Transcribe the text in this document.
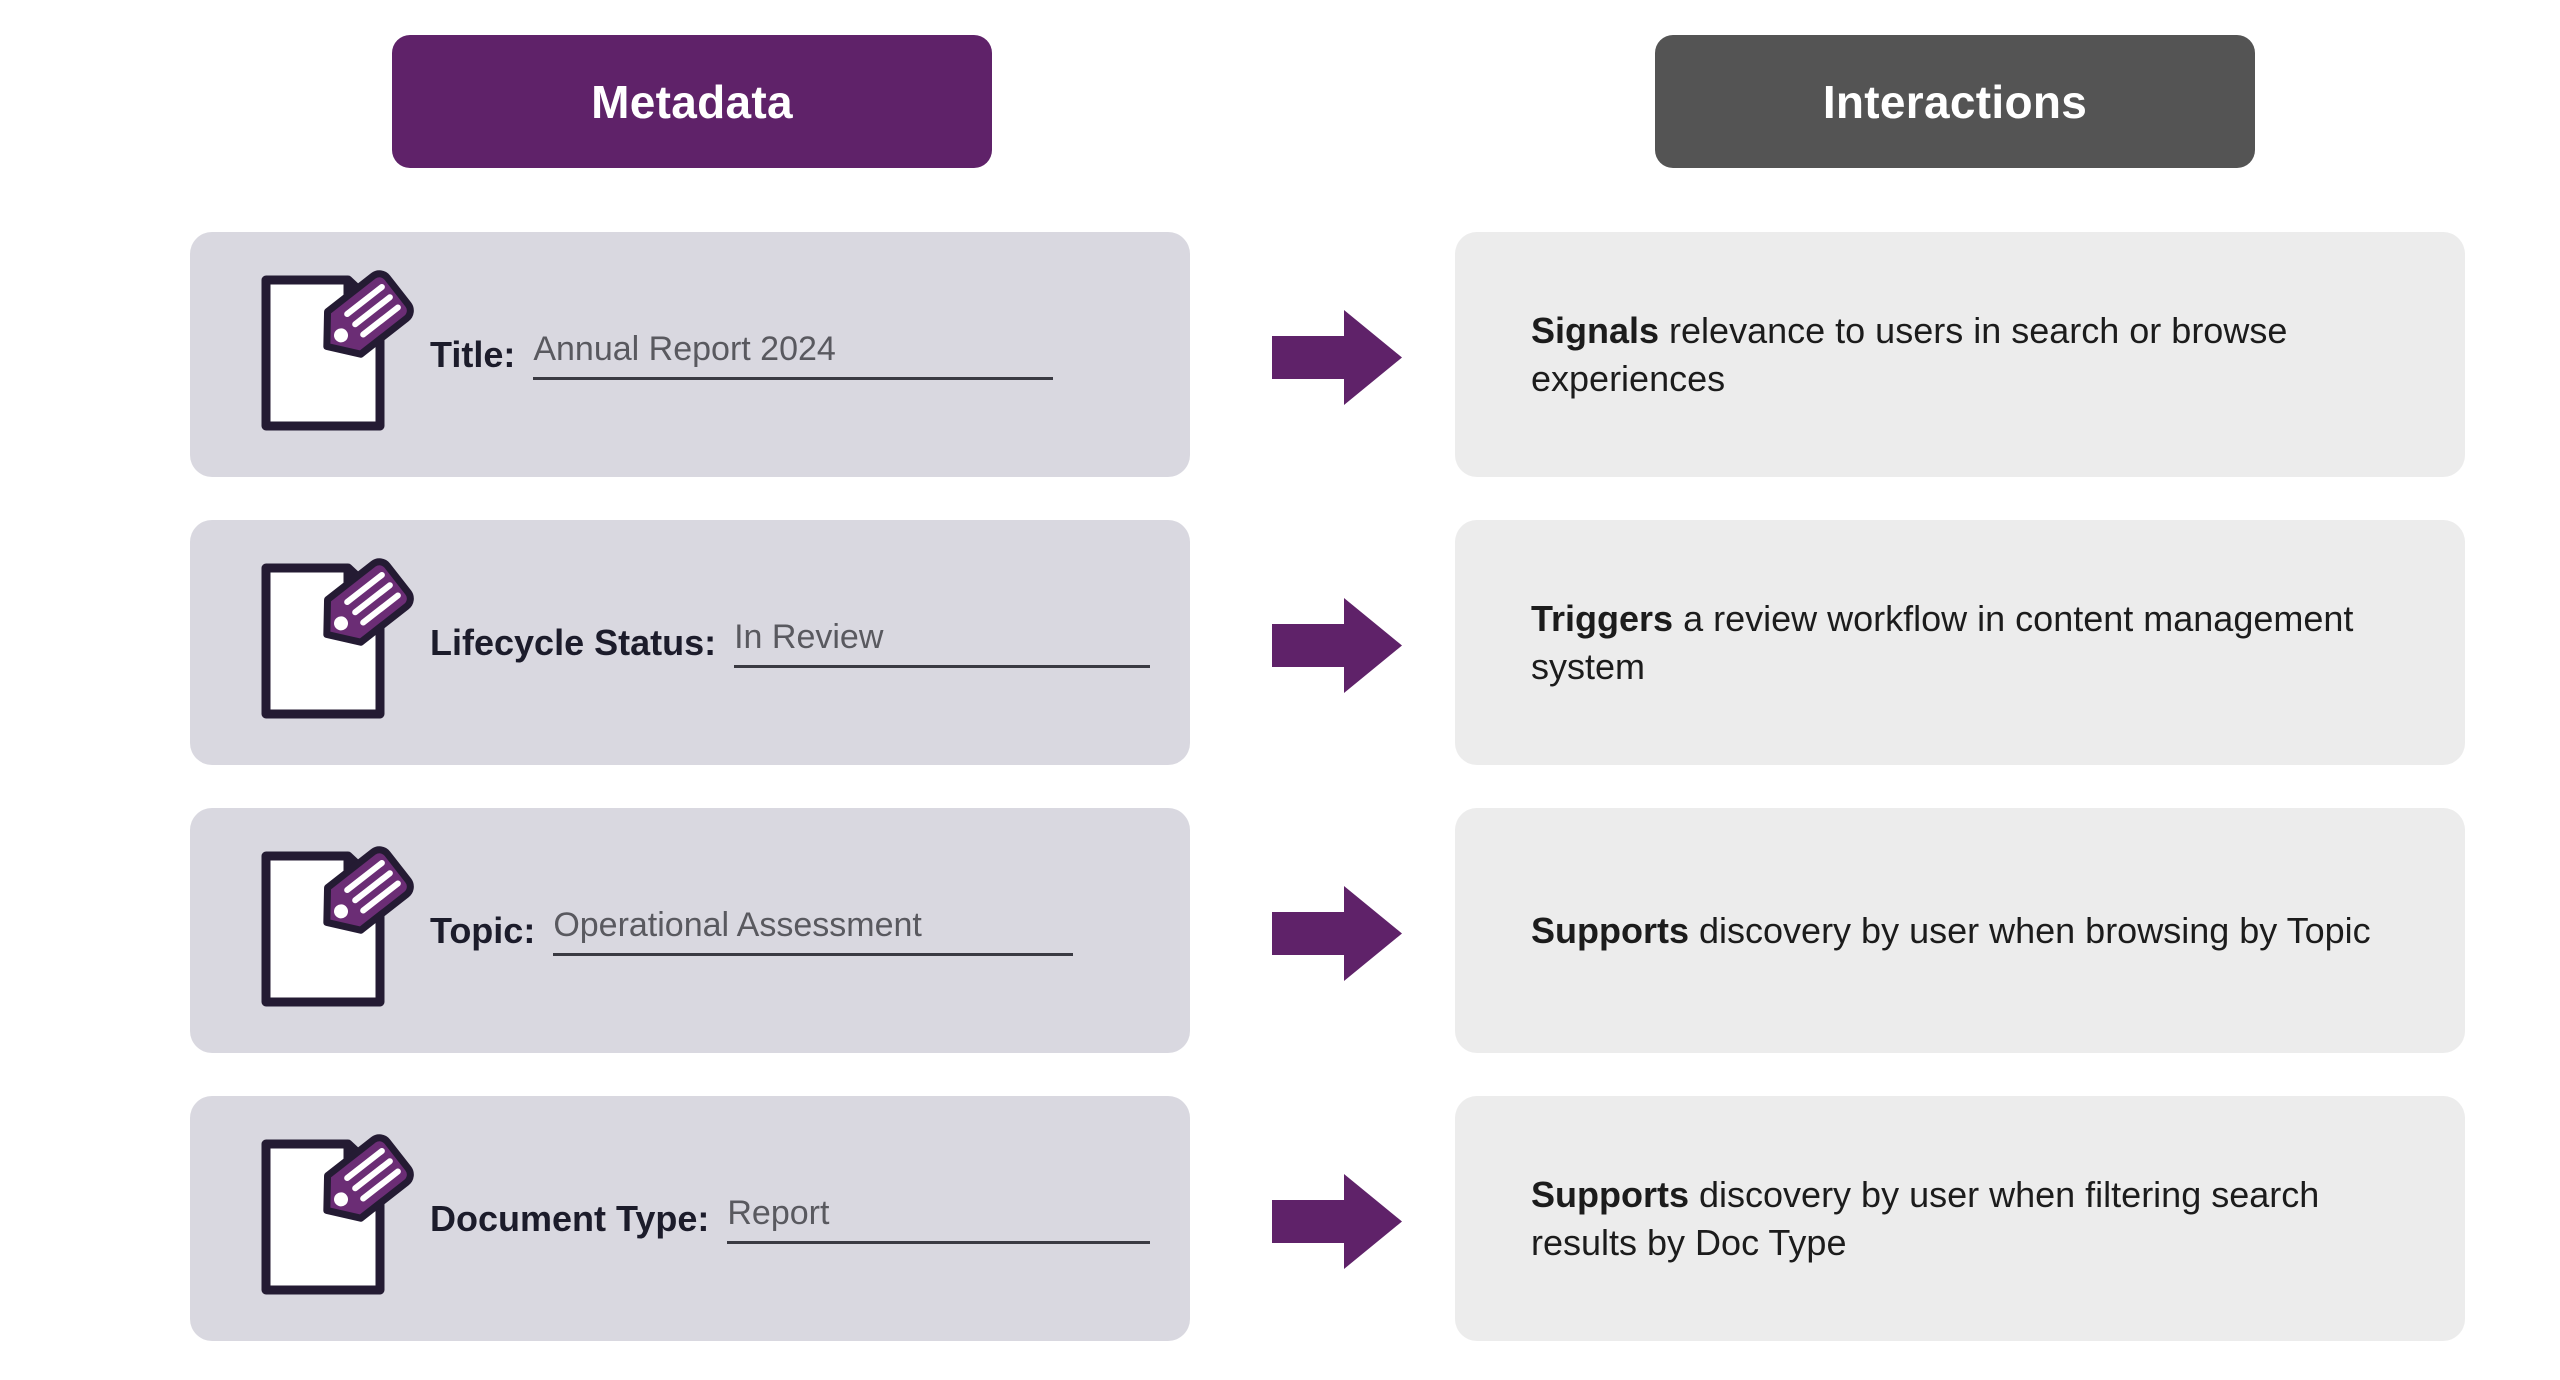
Metadata	Interactions
Title: Annual Report 2024	Signals relevance to users in search or browse experiences
Lifecycle Status: In Review	Triggers a review workflow in content management system
Topic: Operational Assessment	Supports discovery by user when browsing by Topic
Document Type: Report	Supports discovery by user when filtering search results by Doc Type
